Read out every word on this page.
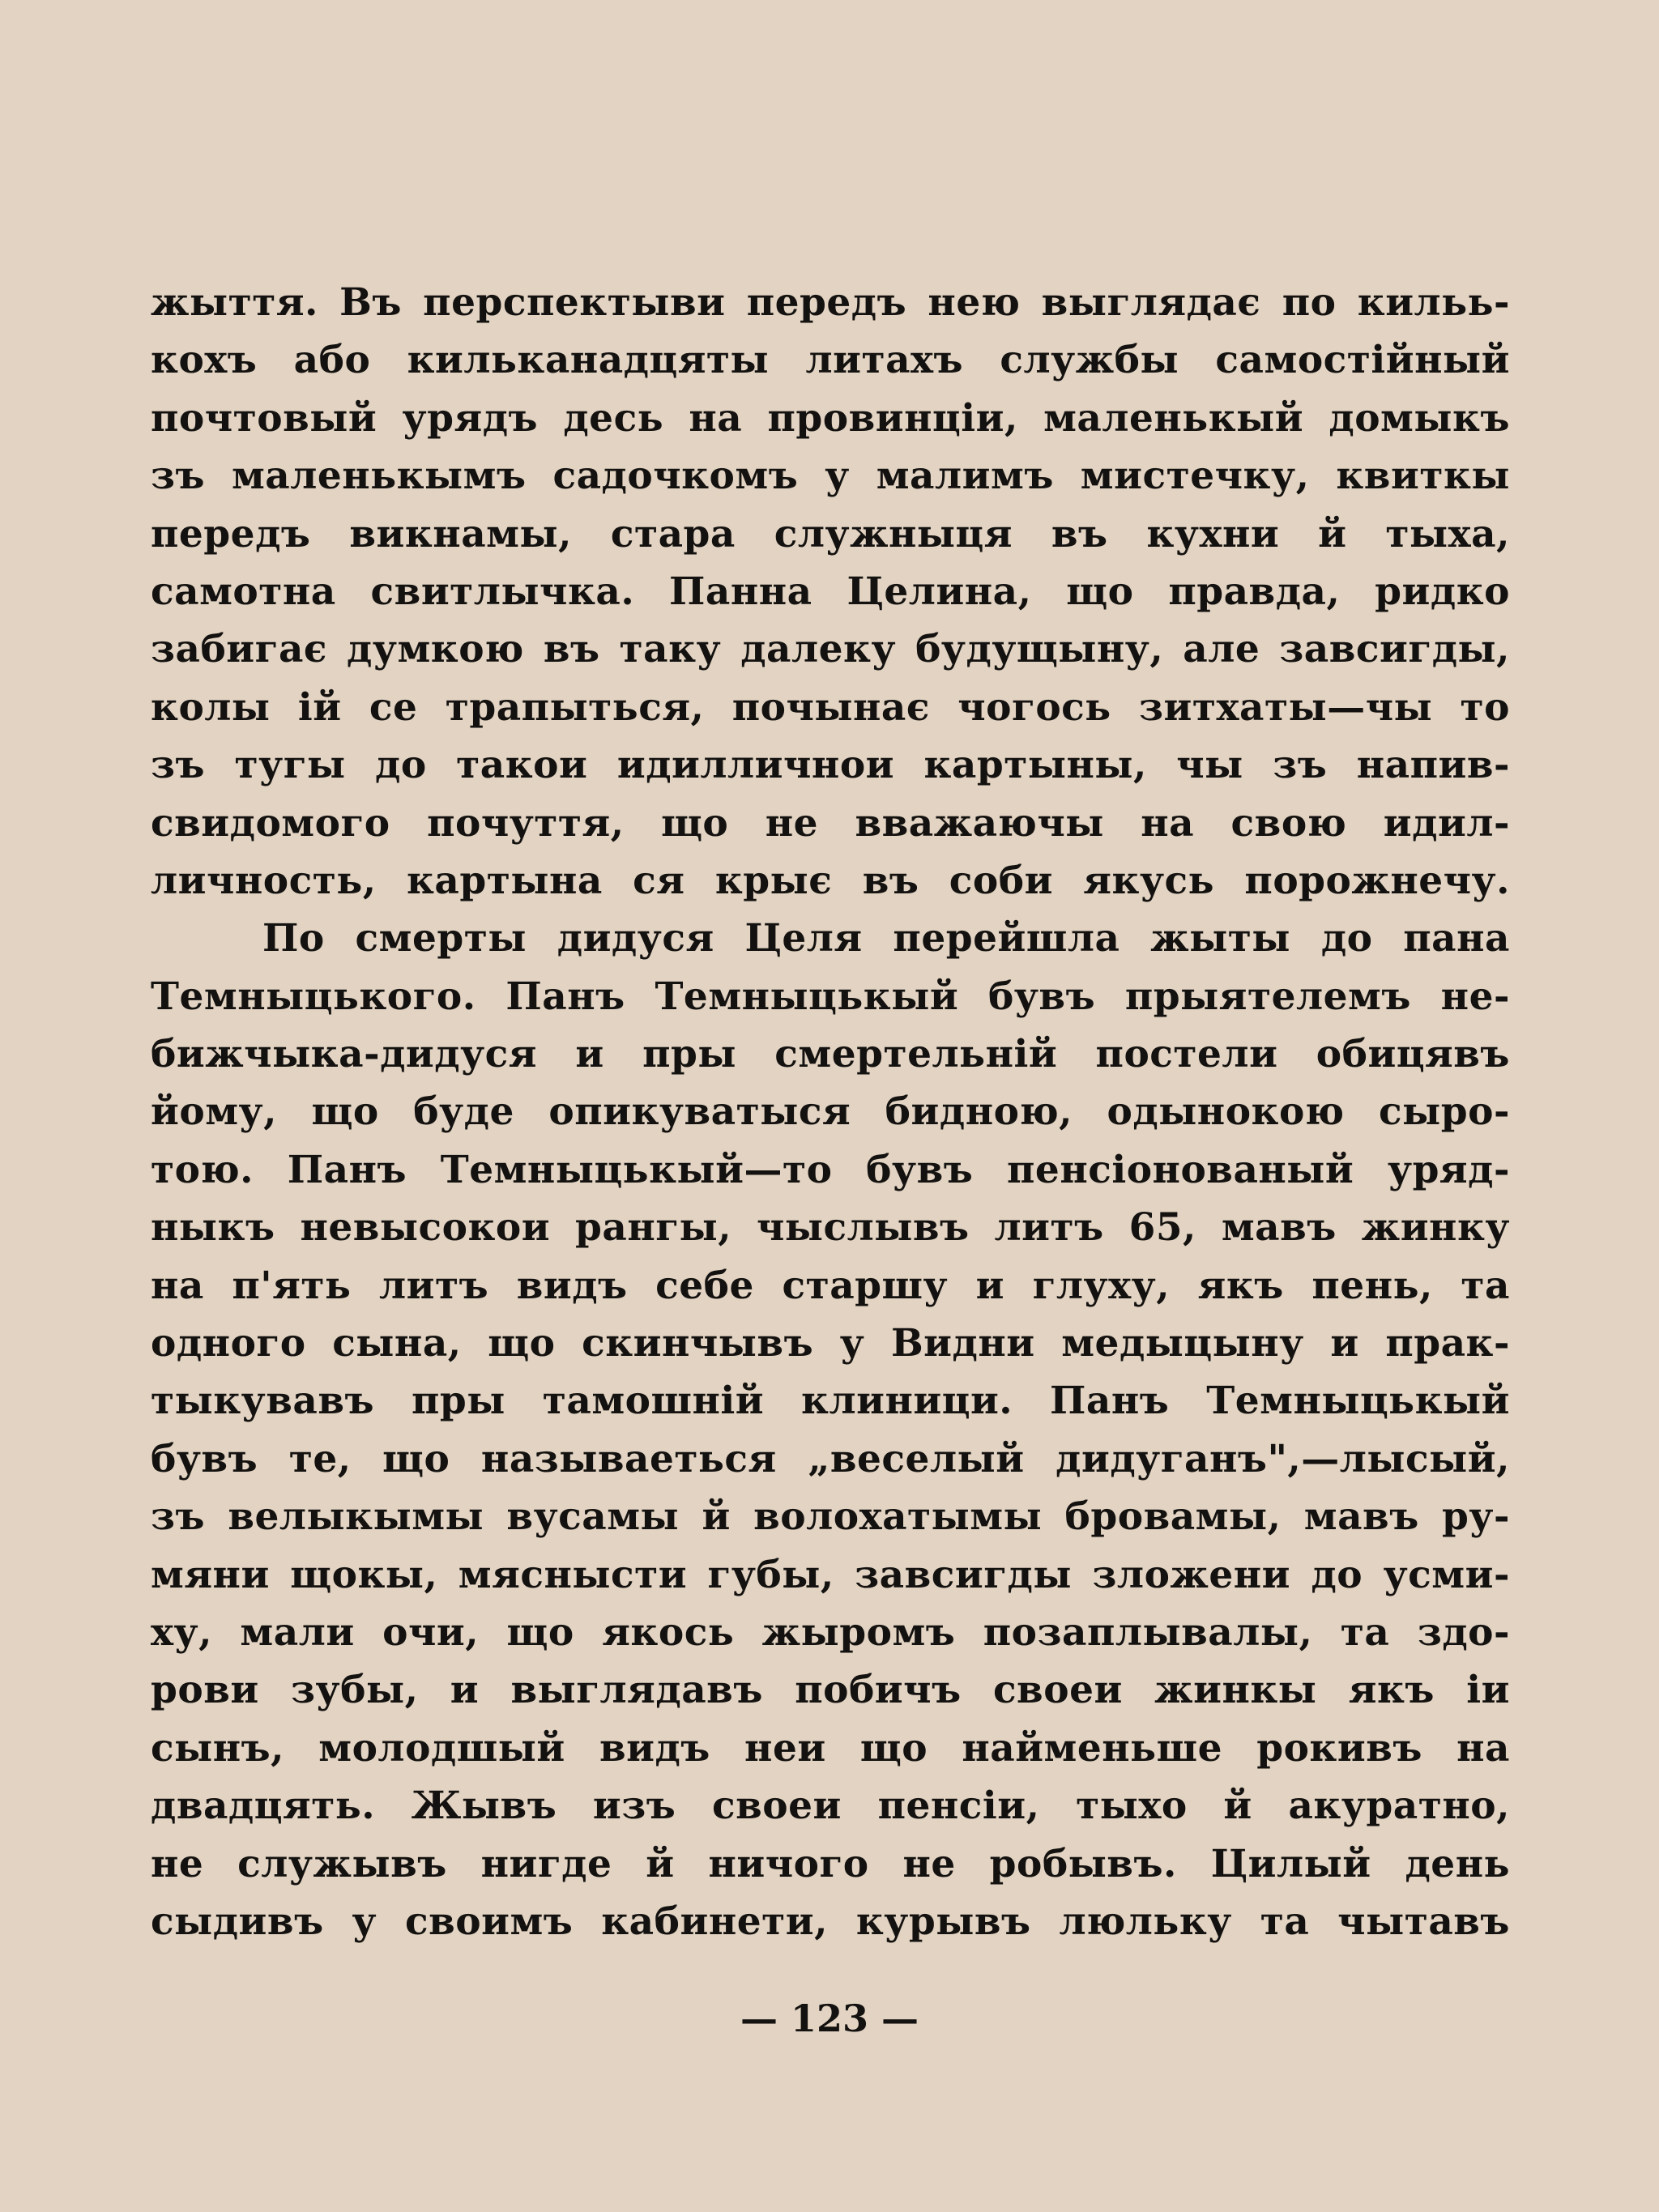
жыття. Въ перспектыви передъ нею выглядає по кильь-
кохъ або кильканадцяты литахъ службы самоcтійный
почтовый урядъ десь на провинціи, маленькый домыкъ
зъ маленькымъ садочкомъ у малимъ мистечку, квиткы
передъ викнамы, стара служныця въ кухни й тыха,
самотна свитлычка. Панна Целина, що правда, ридко
забигає думкою въ таку далеку будущыну, але завсигды,
колы ій се трапыться, почынає чогось зитхаты—чы то
зъ тугы до такои идилличнои картыны, чы зъ напив-
свидомого почуття, що не вважаючы на свою идил-
личность, картына ся крыє въ соби якусь порожнечу.
По смерты дидуся Целя перейшла жыты до пана
Темныцького. Панъ Темныцькый бувъ прыятелемъ не-
бижчыка-дидуся и пры смертельній постели обицявъ
йому, що буде опикуватыся бидною, одынокою сыро-
тою. Панъ Темныцькый—то бувъ пенсіонованый уряд-
ныкъ невысокои рангы, чыслывъ литъ 65, мавъ жинку
на п'ять литъ видъ себе старшу и глуху, якъ пень, та
одного сына, що скинчывъ у Видни медыцыну и прак-
тыкувавъ пры тамошній клиници. Панъ Темныцькый
бувъ те, що называеться „веселый дидуганъ",—лысый,
зъ велыкымы вусамы й волохатымы бровамы, мавъ ру-
мяни щокы, мяснысти губы, завсигды зложени до усми-
ху, мали очи, що якось жыромъ позаплывалы, та здо-
рови зубы, и выглядавъ побичъ своеи жинкы якъ іи
сынъ, молодшый видъ неи що найменьше рокивъ на
двадцять. Жывъ изъ своеи пенсіи, тыхо й акуратно,
не служывъ нигде й ничого не робывъ. Цилый день
сыдивъ у своимъ кабинети, курывъ люльку та чытавъ
— 123 —
